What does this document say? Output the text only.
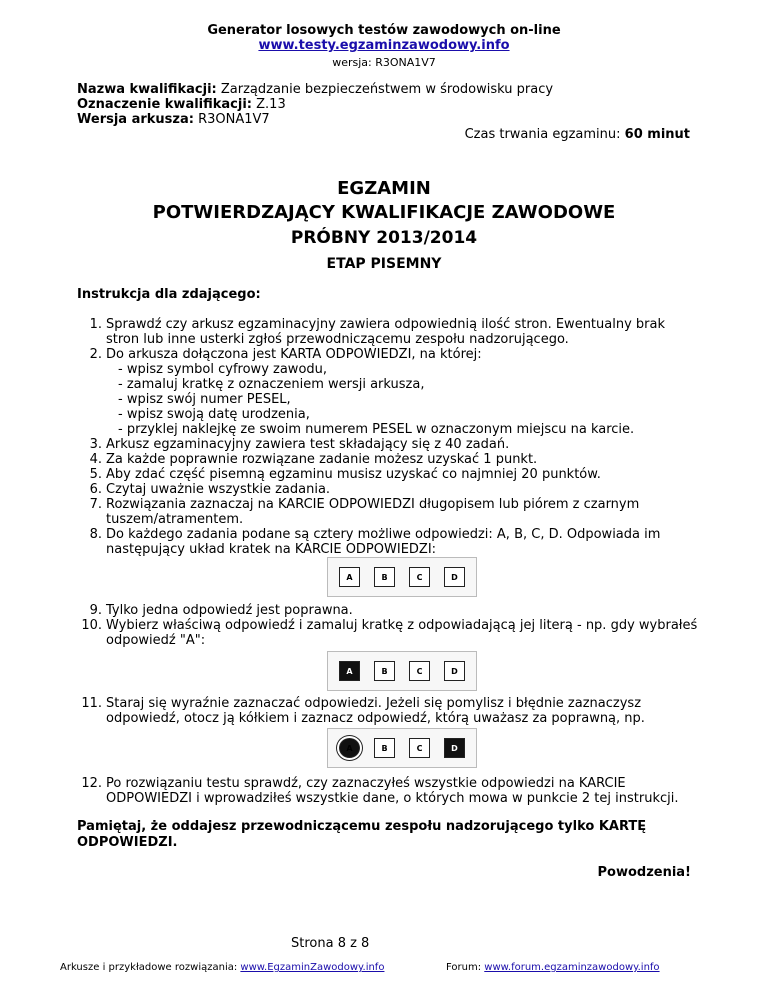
Generator losowych testów zawodowych on-line
www.testy.egzaminzawodowy.info
wersja: R3ONA1V7
Nazwa kwalifikacji: Zarządzanie bezpieczeństwem w środowisku pracy
Oznaczenie kwalifikacji: Z.13
Wersja arkusza: R3ONA1V7
Czas trwania egzaminu: 60 minut
EGZAMIN
POTWIERDZAJĄCY KWALIFIKACJE ZAWODOWE
PRÓBNY 2013/2014
ETAP PISEMNY
Instrukcja dla zdającego:
1. Sprawdź czy arkusz egzaminacyjny zawiera odpowiednią ilość stron. Ewentualny brak stron lub inne usterki zgłoś przewodniczącemu zespołu nadzorującego.
2. Do arkusza dołączona jest KARTA ODPOWIEDZI, na której:
- wpisz symbol cyfrowy zawodu,
- zamaluj kratkę z oznaczeniem wersji arkusza,
- wpisz swój numer PESEL,
- wpisz swoją datę urodzenia,
- przyklej naklejkę ze swoim numerem PESEL w oznaczonym miejscu na karcie.
3. Arkusz egzaminacyjny zawiera test składający się z 40 zadań.
4. Za każde poprawnie rozwiązane zadanie możesz uzyskać 1 punkt.
5. Aby zdać część pisemną egzaminu musisz uzyskać co najmniej 20 punktów.
6. Czytaj uważnie wszystkie zadania.
7. Rozwiązania zaznaczaj na KARCIE ODPOWIEDZI długopisem lub piórem z czarnym tuszem/atramentem.
8. Do każdego zadania podane są cztery możliwe odpowiedzi: A, B, C, D. Odpowiada im następujący układ kratek na KARCIE ODPOWIEDZI:
A	B	C	D
9. Tylko jedna odpowiedź jest poprawna.
10. Wybierz właściwą odpowiedź i zamaluj kratkę z odpowiadającą jej literą - np. gdy wybrałeś odpowiedź "A":
A	B	C	D
11. Staraj się wyraźnie zaznaczać odpowiedzi. Jeżeli się pomylisz i błędnie zaznaczysz odpowiedź, otocz ją kółkiem i zaznacz odpowiedź, którą uważasz za poprawną, np.
A	B	C	D
12. Po rozwiązaniu testu sprawdź, czy zaznaczyłeś wszystkie odpowiedzi na KARCIE ODPOWIEDZI i wprowadziłeś wszystkie dane, o których mowa w punkcie 2 tej instrukcji.
Pamiętaj, że oddajesz przewodniczącemu zespołu nadzorującego tylko KARTĘ ODPOWIEDZI.
Powodzenia!
Strona 8 z 8
Arkusze i przykładowe rozwiązania: www.EgzaminZawodowy.info	Forum: www.forum.egzaminzawodowy.info
